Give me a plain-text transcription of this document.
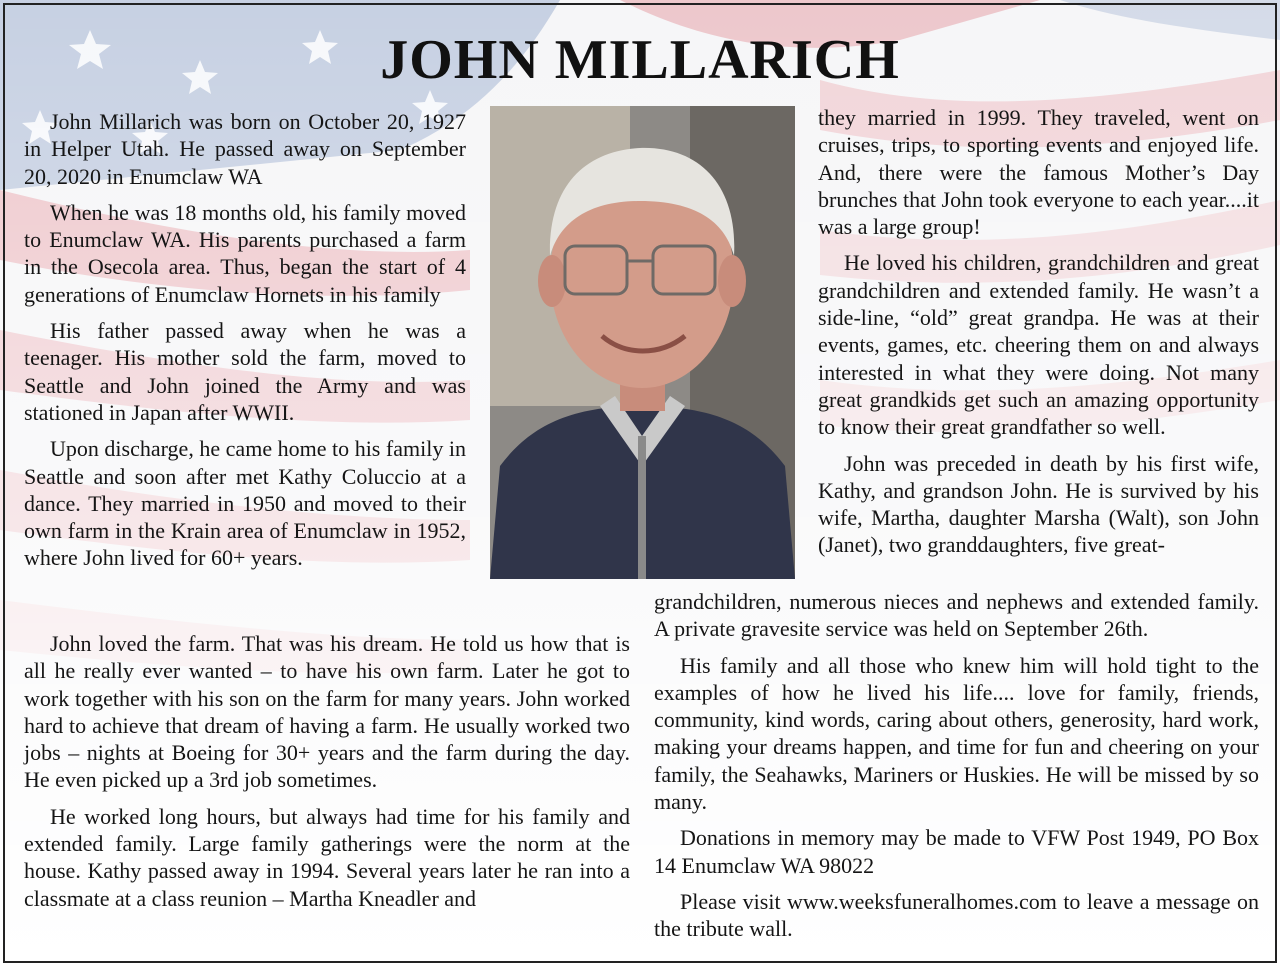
JOHN MILLARICH

John Millarich was born on October 20, 1927 in Helper Utah. He passed away on September 20, 2020 in Enumclaw WA

When he was 18 months old, his family moved to Enumclaw WA. His parents purchased a farm in the Osecola area. Thus, began the start of 4 generations of Enumclaw Hornets in his family

His father passed away when he was a teenager. His mother sold the farm, moved to Seattle and John joined the Army and was stationed in Japan after WWII.

Upon discharge, he came home to his family in Seattle and soon after met Kathy Coluccio at a dance. They married in 1950 and moved to their own farm in the Krain area of Enumclaw in 1952, where John lived for 60+ years.

they married in 1999. They traveled, went on cruises, trips, to sporting events and enjoyed life. And, there were the famous Mother’s Day brunches that John took everyone to each year....it was a large group!

He loved his children, grandchildren and great grandchildren and extended family. He wasn’t a side-line, “old” great grandpa. He was at their events, games, etc. cheering them on and always interested in what they were doing. Not many great grandkids get such an amazing opportunity to know their great grandfather so well.

John was preceded in death by his first wife, Kathy, and grandson John. He is survived by his wife, Martha, daughter Marsha (Walt), son John (Janet), two granddaughters, five great-

John loved the farm. That was his dream. He told us how that is all he really ever wanted – to have his own farm. Later he got to work together with his son on the farm for many years. John worked hard to achieve that dream of having a farm. He usually worked two jobs – nights at Boeing for 30+ years and the farm during the day. He even picked up a 3rd job sometimes.

He worked long hours, but always had time for his family and extended family. Large family gatherings were the norm at the house. Kathy passed away in 1994. Several years later he ran into a classmate at a class reunion – Martha Kneadler and

grandchildren, numerous nieces and nephews and extended family. A private gravesite service was held on September 26th.

His family and all those who knew him will hold tight to the examples of how he lived his life.... love for family, friends, community, kind words, caring about others, generosity, hard work, making your dreams happen, and time for fun and cheering on your family, the Seahawks, Mariners or Huskies. He will be missed by so many.

Donations in memory may be made to VFW Post 1949, PO Box 14 Enumclaw WA 98022

Please visit www.weeksfuneralhomes.com to leave a message on the tribute wall.
